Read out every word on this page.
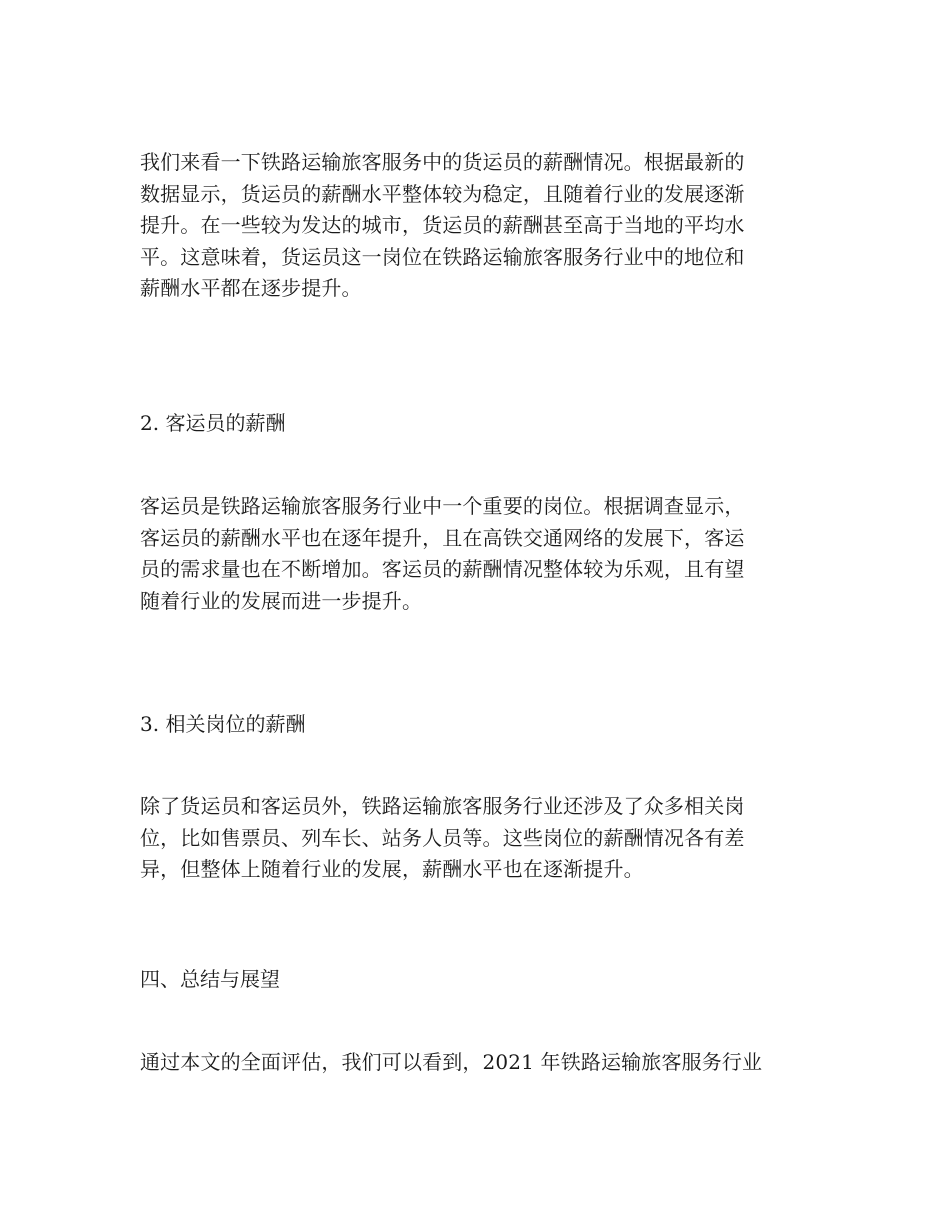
我们来看一下铁路运输旅客服务中的货运员的薪酬情况。根据最新的
数据显示，货运员的薪酬水平整体较为稳定，且随着行业的发展逐渐
提升。在一些较为发达的城市，货运员的薪酬甚至高于当地的平均水
平。这意味着，货运员这一岗位在铁路运输旅客服务行业中的地位和
薪酬水平都在逐步提升。

2. 客运员的薪酬

客运员是铁路运输旅客服务行业中一个重要的岗位。根据调查显示，
客运员的薪酬水平也在逐年提升，且在高铁交通网络的发展下，客运
员的需求量也在不断增加。客运员的薪酬情况整体较为乐观，且有望
随着行业的发展而进一步提升。

3. 相关岗位的薪酬

除了货运员和客运员外，铁路运输旅客服务行业还涉及了众多相关岗
位，比如售票员、列车长、站务人员等。这些岗位的薪酬情况各有差
异，但整体上随着行业的发展，薪酬水平也在逐渐提升。

四、总结与展望

通过本文的全面评估，我们可以看到，2021 年铁路运输旅客服务行业
